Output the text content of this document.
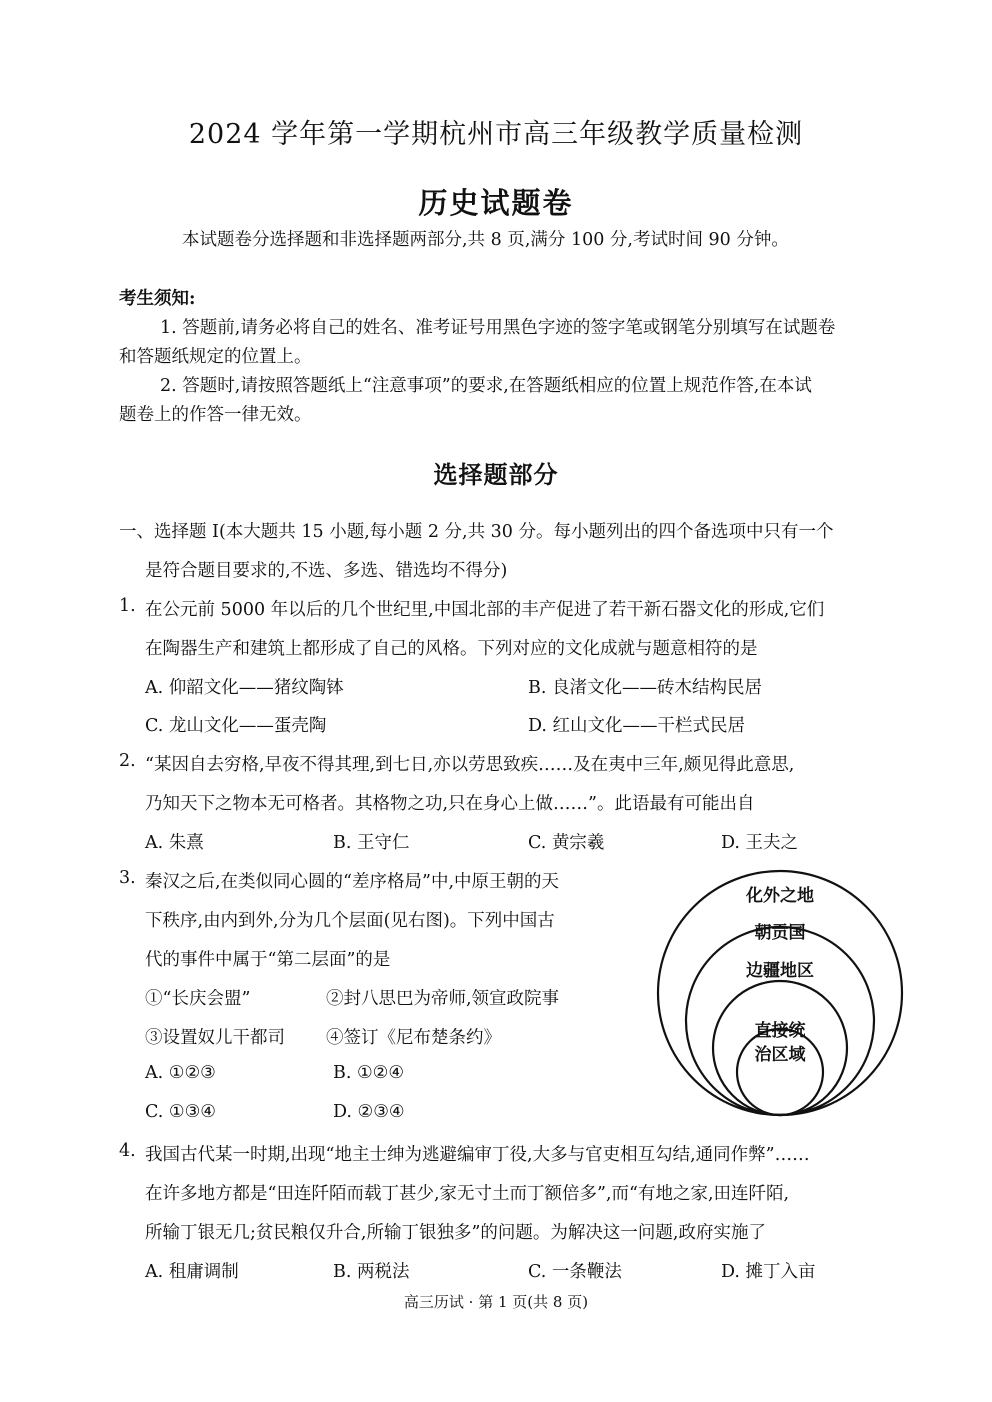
2024 学年第一学期杭州市高三年级教学质量检测
历史试题卷
本试题卷分选择题和非选择题两部分,共 8 页,满分 100 分,考试时间 90 分钟。
考生须知:
1. 答题前,请务必将自己的姓名、准考证号用黑色字迹的签字笔或钢笔分别填写在试题卷
和答题纸规定的位置上。
2. 答题时,请按照答题纸上“注意事项”的要求,在答题纸相应的位置上规范作答,在本试
题卷上的作答一律无效。
选择题部分
一、选择题 Ⅰ(本大题共 15 小题,每小题 2 分,共 30 分。每小题列出的四个备选项中只有一个
是符合题目要求的,不选、多选、错选均不得分)
1. 在公元前 5000 年以后的几个世纪里,中国北部的丰产促进了若干新石器文化的形成,它们
在陶器生产和建筑上都形成了自己的风格。下列对应的文化成就与题意相符的是
A. 仰韶文化——猪纹陶钵	B. 良渚文化——砖木结构民居
C. 龙山文化——蛋壳陶	D. 红山文化——干栏式民居
2. “某因自去穷格,早夜不得其理,到七日,亦以劳思致疾……及在夷中三年,颇见得此意思,
乃知天下之物本无可格者。其格物之功,只在身心上做……”。此语最有可能出自
A. 朱熹	B. 王守仁	C. 黄宗羲	D. 王夫之
3. 秦汉之后,在类似同心圆的“差序格局”中,中原王朝的天
下秩序,由内到外,分为几个层面(见右图)。下列中国古
代的事件中属于“第二层面”的是
①“长庆会盟”	②封八思巴为帝师,领宣政院事
③设置奴儿干都司 ④签订《尼布楚条约》
A. ①②③	B. ①②④
C. ①③④	D. ②③④
化外之地
朝贡国
边疆地区
直接统
治区域
4. 我国古代某一时期,出现“地主士绅为逃避编审丁役,大多与官吏相互勾结,通同作弊”……
在许多地方都是“田连阡陌而载丁甚少,家无寸土而丁额倍多”,而“有地之家,田连阡陌,
所输丁银无几;贫民粮仅升合,所输丁银独多”的问题。为解决这一问题,政府实施了
A. 租庸调制	B. 两税法	C. 一条鞭法	D. 摊丁入亩
高三历试 · 第 1 页(共 8 页)
